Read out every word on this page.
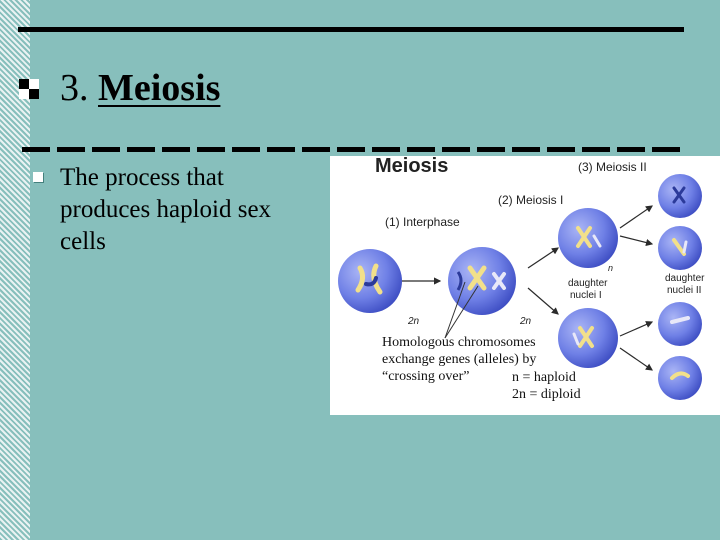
3. Meiosis
The process that produces haploid sex cells
Meiosis	(3) Meiosis II
(2) Meiosis I
(1) Interphase
2n	2n
n
daughter
nuclei I
daughter
nuclei II
Homologous chromosomes
exchange genes (alleles) by
“crossing over”	n = haploid
2n = diploid
